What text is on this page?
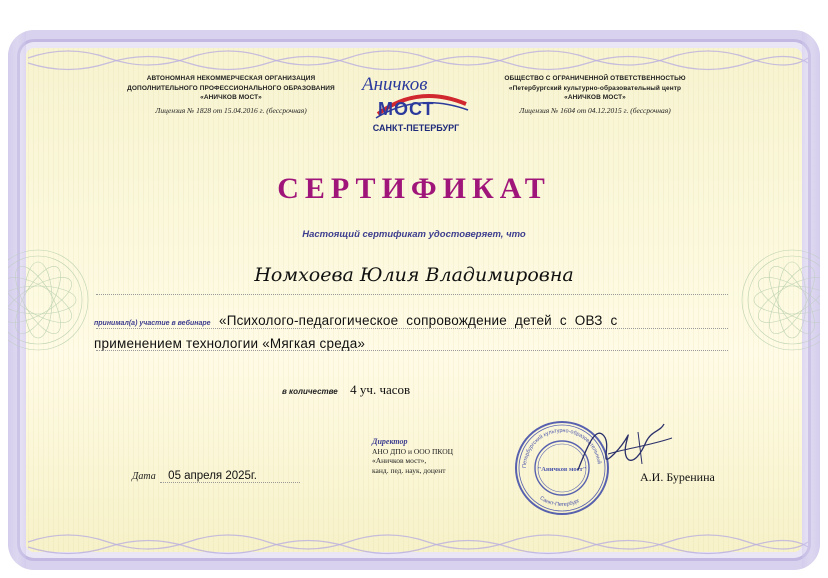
АВТОНОМНАЯ НЕКОММЕРЧЕСКАЯ ОРГАНИЗАЦИЯ
ДОПОЛНИТЕЛЬНОГО ПРОФЕССИОНАЛЬНОГО ОБРАЗОВАНИЯ
«АНИЧКОВ МОСТ»
Лицензия № 1828 от 15.04.2016 г. (бессрочная)
Аничков
МОСТ
САНКТ-ПЕТЕРБУРГ
ОБЩЕСТВО С ОГРАНИЧЕННОЙ ОТВЕТСТВЕННОСТЬЮ
«Петербургский культурно-образовательный центр
«АНИЧКОВ МОСТ»
Лицензия № 1604 от 04.12.2015 г. (бессрочная)
СЕРТИФИКАТ
Настоящий сертификат удостоверяет, что
Номхоева Юлия Владимировна
принимал(а) участие в вебинаре «Психолого-педагогическое сопровождение детей с ОВЗ с
применением технологии «Мягкая среда»
в количестве 4 уч. часов
Дата 05 апреля 2025г.
Директор
АНО ДПО и ООО ПКОЦ
«Аничков мост»,
канд. пед. наук, доцент	Петербургский культурно-образовательный
Санкт-Петербург
"Аничков мост"
А.И. Буренина
